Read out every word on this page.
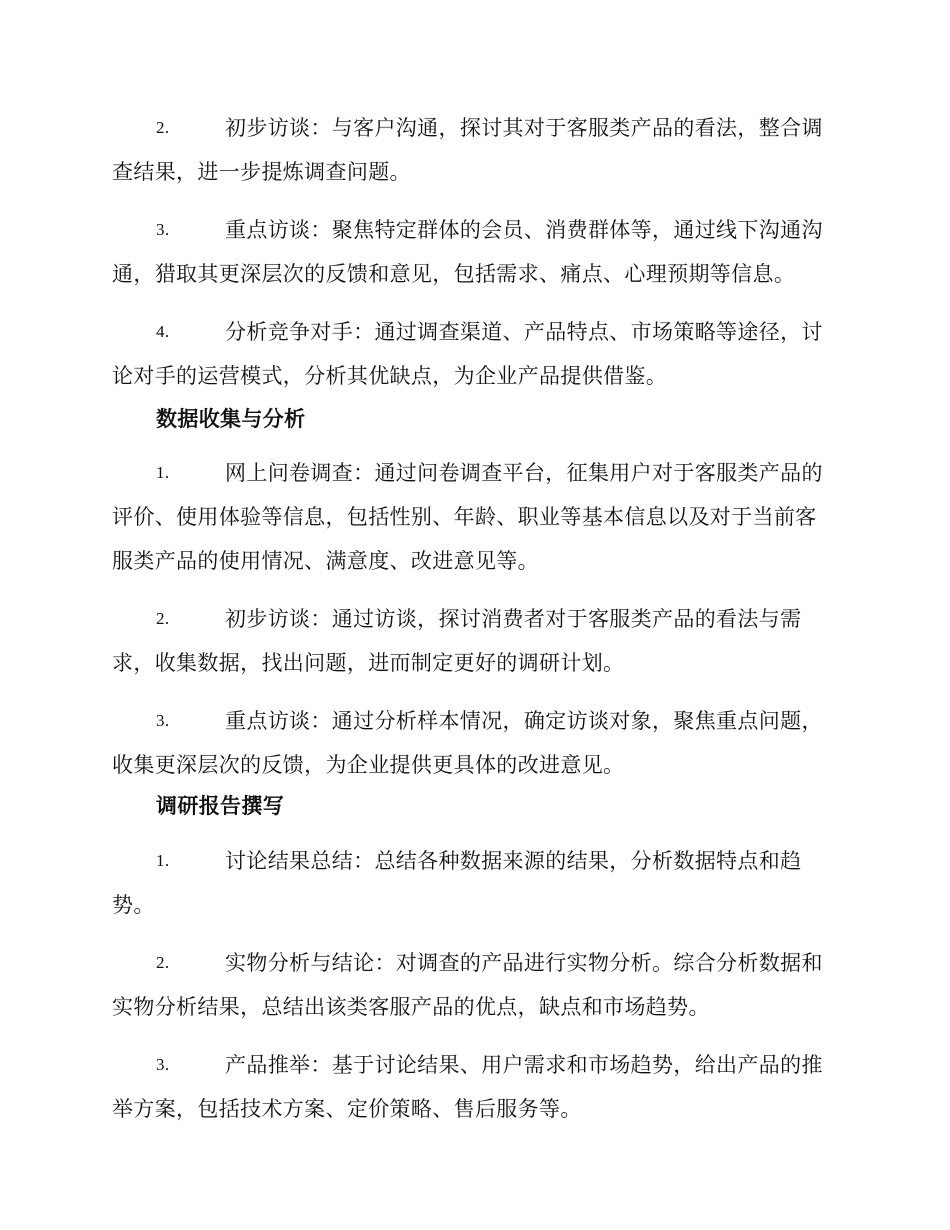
2.	初步访谈：与客户沟通，探讨其对于客服类产品的看法，整合调
查结果，进一步提炼调查问题。
3.	重点访谈：聚焦特定群体的会员、消费群体等，通过线下沟通沟
通，猎取其更深层次的反馈和意见，包括需求、痛点、心理预期等信息。
4.	分析竞争对手：通过调查渠道、产品特点、市场策略等途径，讨
论对手的运营模式，分析其优缺点，为企业产品提供借鉴。
数据收集与分析
1.	网上问卷调查：通过问卷调查平台，征集用户对于客服类产品的
评价、使用体验等信息，包括性别、年龄、职业等基本信息以及对于当前客
服类产品的使用情况、满意度、改进意见等。
2.	初步访谈：通过访谈，探讨消费者对于客服类产品的看法与需
求，收集数据，找出问题，进而制定更好的调研计划。
3.	重点访谈：通过分析样本情况，确定访谈对象，聚焦重点问题，
收集更深层次的反馈，为企业提供更具体的改进意见。
调研报告撰写
1.	讨论结果总结：总结各种数据来源的结果，分析数据特点和趋
势。
2.	实物分析与结论：对调查的产品进行实物分析。综合分析数据和
实物分析结果，总结出该类客服产品的优点，缺点和市场趋势。
3.	产品推举：基于讨论结果、用户需求和市场趋势，给出产品的推
举方案，包括技术方案、定价策略、售后服务等。
